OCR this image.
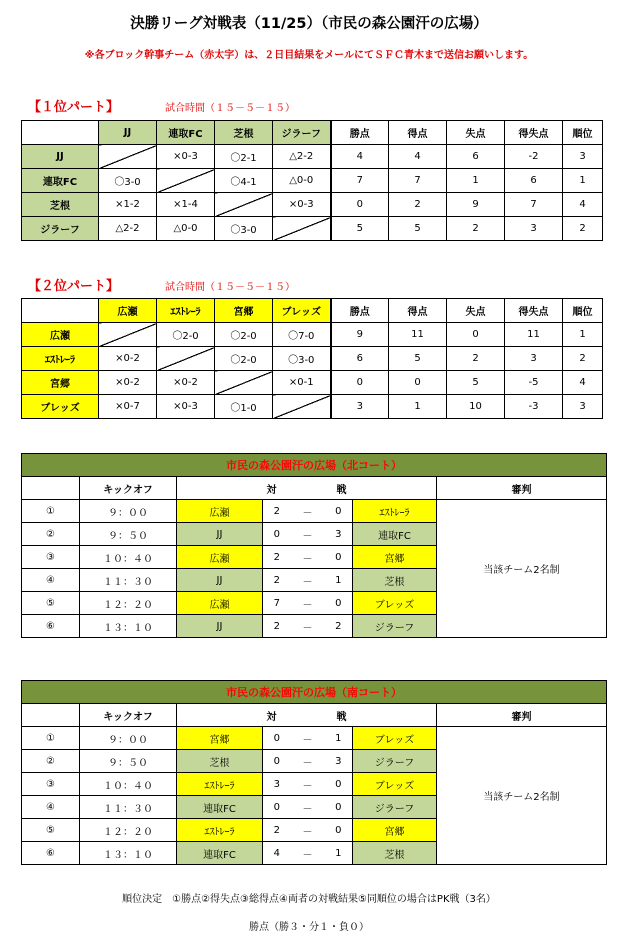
決勝リーグ対戦表（11/25）（市民の森公園汗の広場）
※各ブロック幹事チーム（赤太字）は、２日目結果をメールにてＳＦＣ青木まで送信お願いします。
【１位パート】	試合時間（１５－５－１５）
	JJ	連取FC	芝根	ジラーフ	勝点	得点	失点	得失点	順位
JJ		×0-3	〇2-1	△2-2	4	4	6	-2	3
連取FC	〇3-0		〇4-1	△0-0	7	7	1	6	1
芝根	×1-2	×1-4		×0-3	0	2	9	7	4
ジラーフ	△2-2	△0-0	〇3-0		5	5	2	3	2
【２位パート】	試合時間（１５－５－１５）
	広瀬	ｴｽﾄﾚｰﾗ	宮郷	ブレッズ	勝点	得点	失点	得失点	順位
広瀬		〇2-0	〇2-0	〇7-0	9	11	0	11	1
ｴｽﾄﾚｰﾗ	×0-2		〇2-0	〇3-0	6	5	2	3	2
宮郷	×0-2	×0-2		×0-1	0	0	5	-5	4
ブレッズ	×0-7	×0-3	〇1-0		3	1	10	-3	3
市民の森公園汗の広場（北コート）							
	キックオフ	対 戦					審判
①	９：００	広瀬	2	－	0	ｴｽﾄﾚｰﾗ	当該チーム2名制
②	９：５０	JJ	0	－	3	連取FC	
③	１０：４０	広瀬	2	－	0	宮郷	
④	１１：３０	JJ	2	－	1	芝根	
⑤	１２：２０	広瀬	7	－	0	ブレッズ	
⑥	１３：１０	JJ	2	－	2	ジラーフ	
市民の森公園汗の広場（南コート）							
	キックオフ	対 戦					審判
①	９：００	宮郷	0	－	1	ブレッズ	当該チーム2名制
②	９：５０	芝根	0	－	3	ジラーフ	
③	１０：４０	ｴｽﾄﾚｰﾗ	3	－	0	ブレッズ	
④	１１：３０	連取FC	0	－	0	ジラーフ	
⑤	１２：２０	ｴｽﾄﾚｰﾗ	2	－	0	宮郷	
⑥	１３：１０	連取FC	4	－	1	芝根	
順位決定　①勝点②得失点③総得点④両者の対戦結果⑤同順位の場合はPK戦（3名）
勝点（勝３・分１・負０）
